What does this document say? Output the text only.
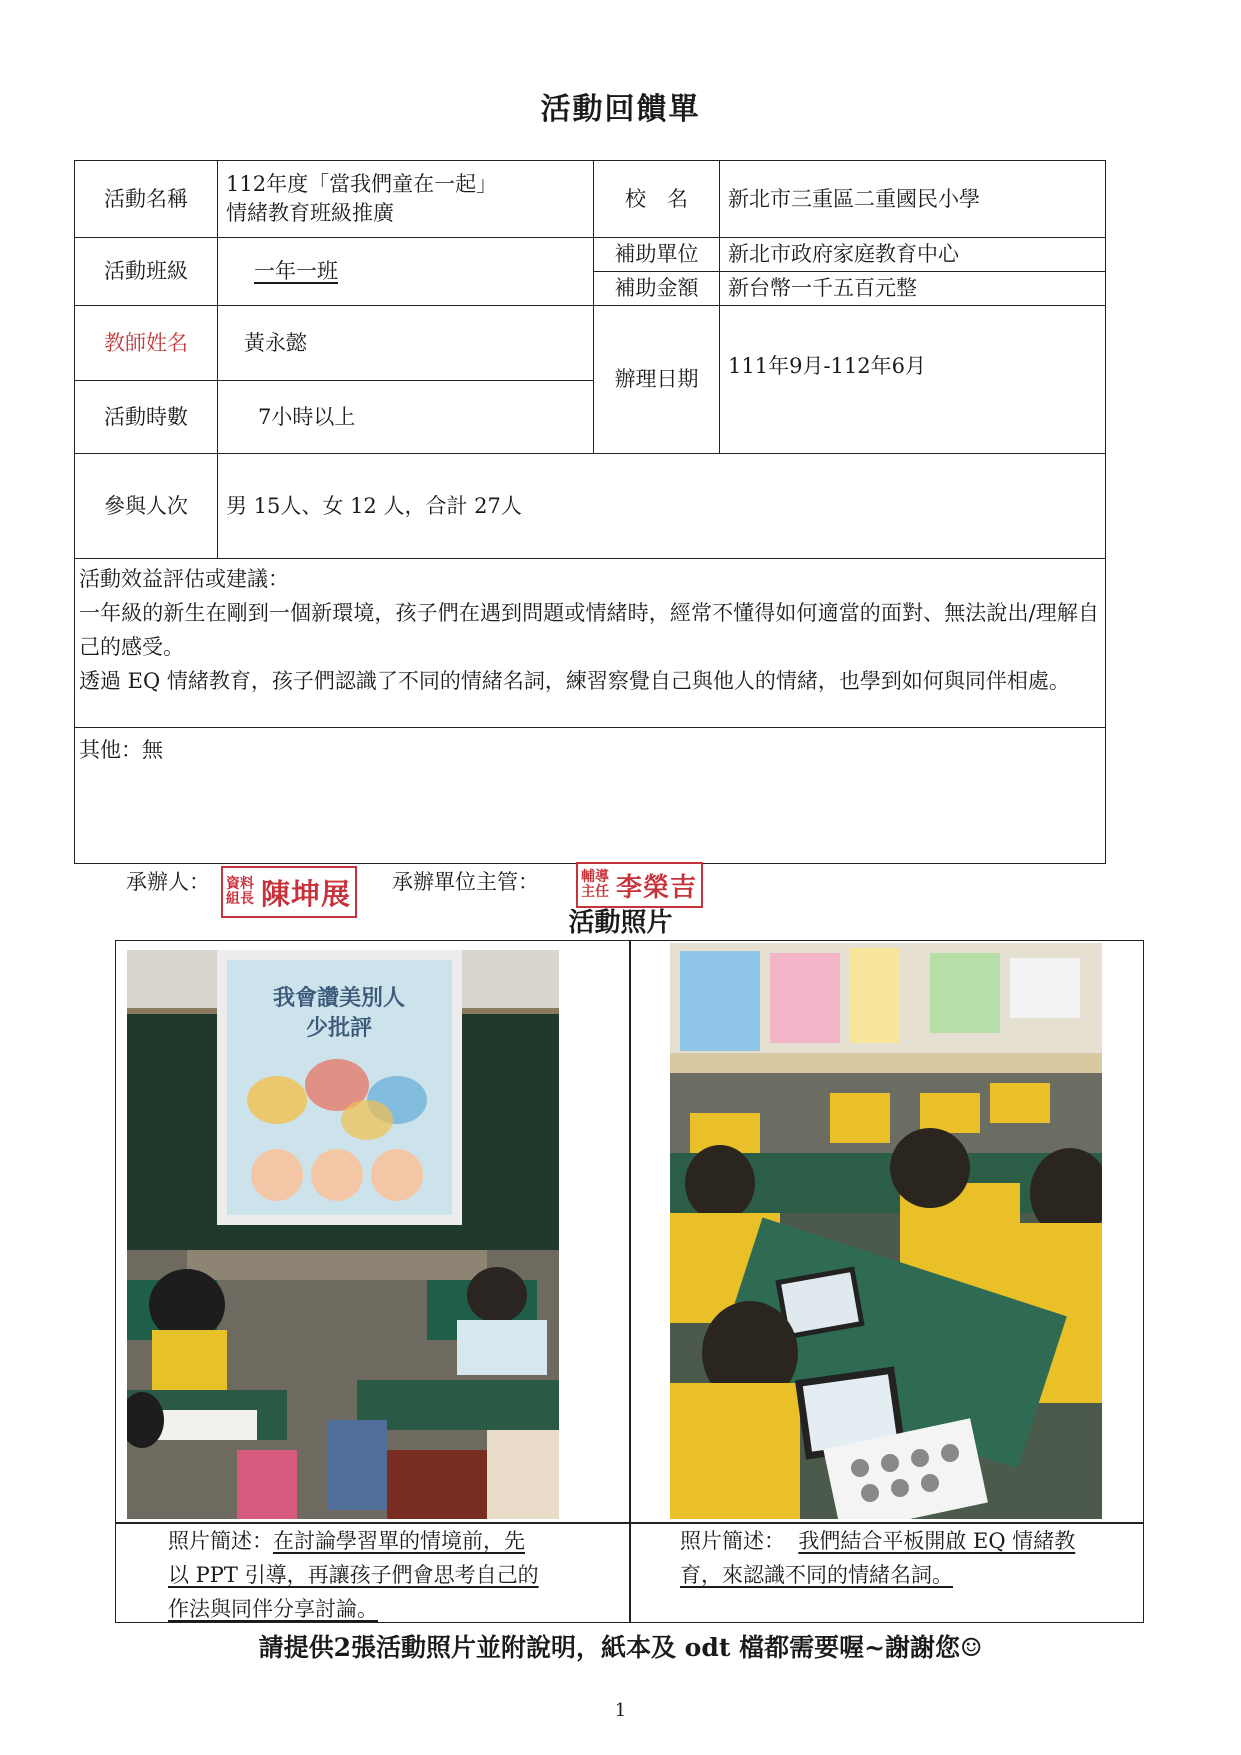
活動回饋單
活動名稱	112年度「當我們童在一起」
情緒教育班級推廣	校　名	新北市三重區二重國民小學
活動班級	一年一班	補助單位	新北市政府家庭教育中心
		補助金額	新台幣一千五百元整
教師姓名	黃永懿	辦理日期	111年9月-112年6月
活動時數	7小時以上		
參與人次	男 15人、女 12 人，合計 27人		
活動效益評估或建議：
一年級的新生在剛到一個新環境，孩子們在遇到問題或情緒時，經常不懂得如何適當的面對、無法說出/理解自己的感受。
透過 EQ 情緒教育，孩子們認識了不同的情緒名詞，練習察覺自己與他人的情緒，也學到如何與同伴相處。
其他：無
承辦人： 資料
組長 陳坤展 承辦單位主管：	輔導
主任 李榮吉
活動照片
我會讚美別人
少批評
照片簡述：在討論學習單的情境前，先
以 PPT 引導，再讓孩子們會思考自己的
作法與同伴分享討論。
照片簡述： 我們結合平板開啟 EQ 情緒教
育，來認識不同的情緒名詞。
請提供2張活動照片並附說明，紙本及 odt 檔都需要喔~謝謝您☺
1
